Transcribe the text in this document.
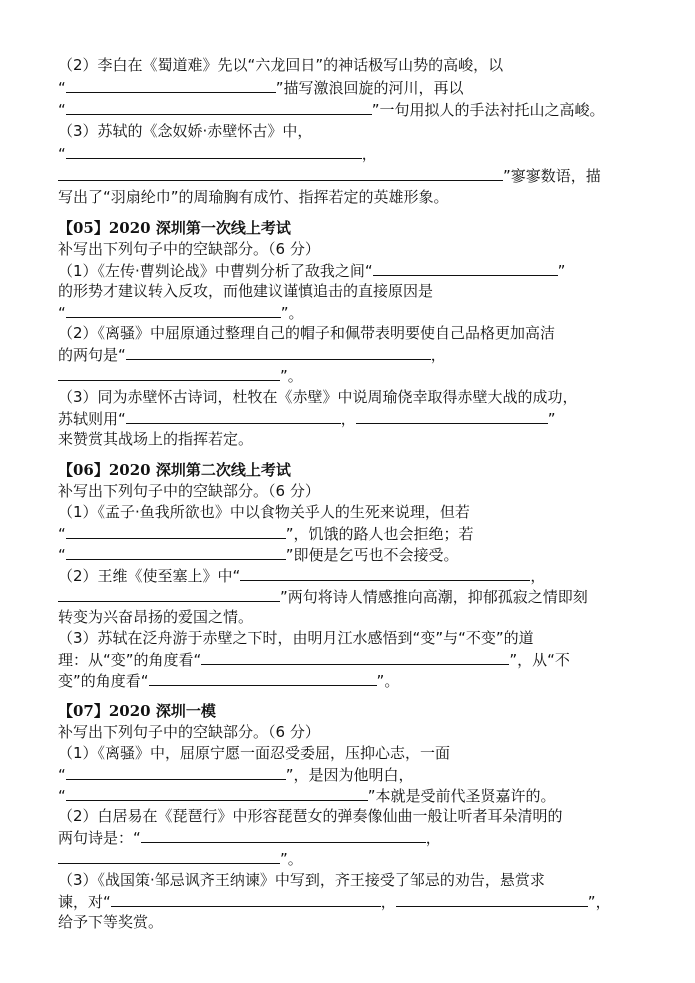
（2）李白在《蜀道难》先以“六龙回日”的神话极写山势的高峻，以
“	”描写激浪回旋的河川，再以
“	”一句用拟人的手法衬托山之高峻。
（3）苏轼的《念奴娇·赤壁怀古》中，
“	，
”寥寥数语，描
写出了“羽扇纶巾”的周瑜胸有成竹、指挥若定的英雄形象。
【05】2020 深圳第一次线上考试
补写出下列句子中的空缺部分。（6 分）
（1）《左传·曹刿论战》中曹刿分析了敌我之间“	”
的形势才建议转入反攻，而他建议谨慎追击的直接原因是
“	”。
（2）《离骚》中屈原通过整理自己的帽子和佩带表明要使自己品格更加高洁
的两句是“	，
”。
（3）同为赤壁怀古诗词，杜牧在《赤壁》中说周瑜侥幸取得赤壁大战的成功，
苏轼则用“	，	”
来赞赏其战场上的指挥若定。
【06】2020 深圳第二次线上考试
补写出下列句子中的空缺部分。（6 分）
（1）《孟子·鱼我所欲也》中以食物关乎人的生死来说理，但若
“	”，饥饿的路人也会拒绝；若
“	”即便是乞丐也不会接受。
（2）王维《使至塞上》中“	，
”两句将诗人情感推向高潮，抑郁孤寂之情即刻
转变为兴奋昂扬的爱国之情。
（3）苏轼在泛舟游于赤壁之下时，由明月江水感悟到“变”与“不变”的道
理：从“变”的角度看“	”，从“不
变”的角度看“	”。
【07】2020 深圳一模
补写出下列句子中的空缺部分。（6 分）
（1）《离骚》中，屈原宁愿一面忍受委屈，压抑心志，一面
“	”，是因为他明白，
“	”本就是受前代圣贤嘉许的。
（2）白居易在《琵琶行》中形容琵琶女的弹奏像仙曲一般让听者耳朵清明的
两句诗是：“	，
”。
（3）《战国策·邹忌讽齐王纳谏》中写到，齐王接受了邹忌的劝告，悬赏求
谏，对“	，	”，
给予下等奖赏。
